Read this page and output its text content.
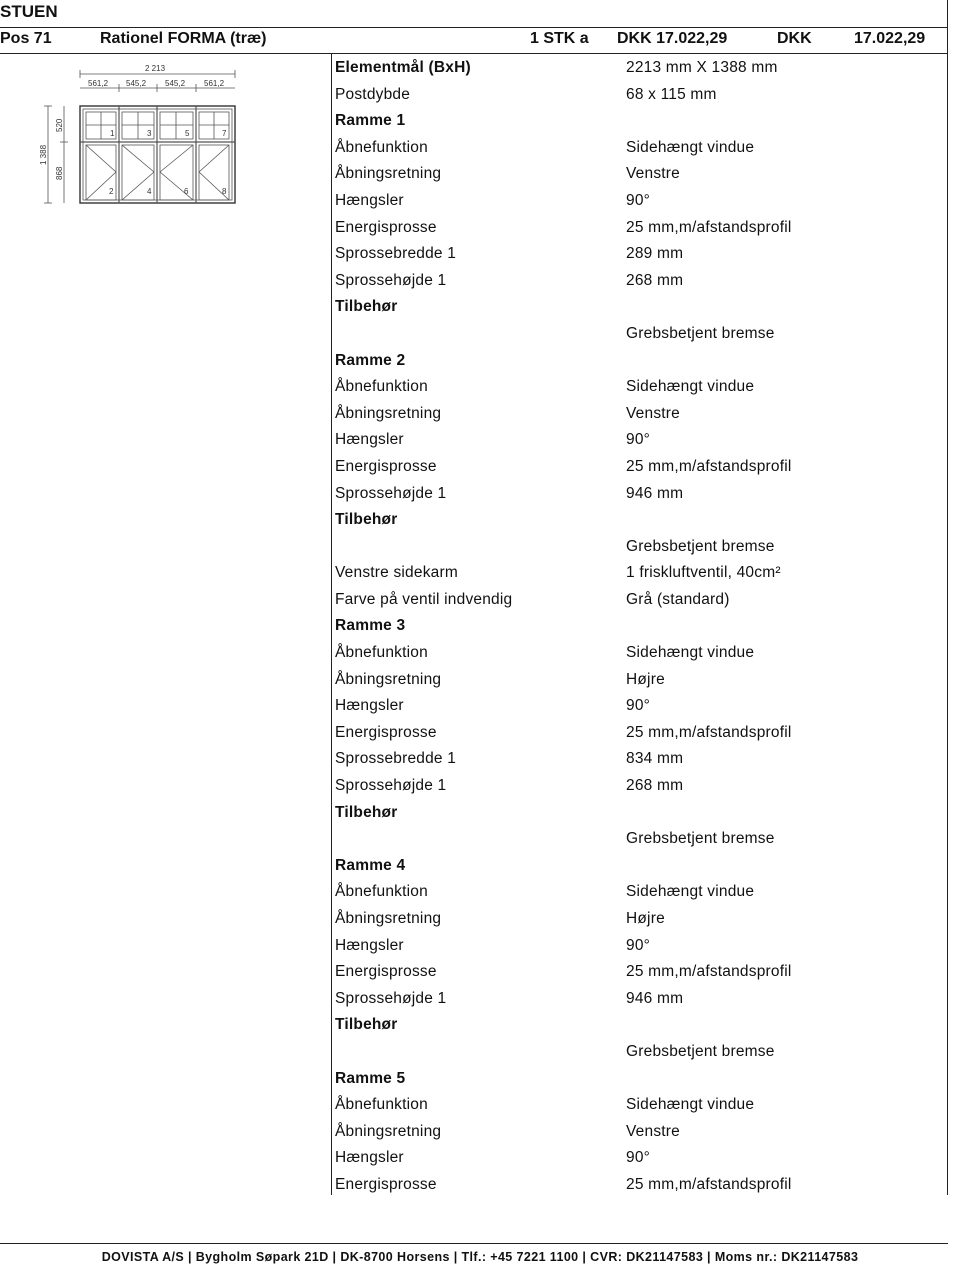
STUEN
Pos 71	Rationel FORMA (træ)	1 STK a DKK 17.022,29	DKK	17.022,29
2 213
561,2 545,2 545,2 561,2
1 388
520
868
1	3	5	7
2	4	6	8
Elementmål (BxH)	2213 mm X 1388 mm
Postdybde	68 x 115 mm
Ramme 1
Åbnefunktion	Sidehængt vindue
Åbningsretning	Venstre
Hængsler	90°
Energisprosse	25 mm,m/afstandsprofil
Sprossebredde 1	289 mm
Sprossehøjde 1	268 mm
Tilbehør
Grebsbetjent bremse
Ramme 2
Åbnefunktion	Sidehængt vindue
Åbningsretning	Venstre
Hængsler	90°
Energisprosse	25 mm,m/afstandsprofil
Sprossehøjde 1	946 mm
Tilbehør
Grebsbetjent bremse
Venstre sidekarm	1 friskluftventil, 40cm²
Farve på ventil indvendig	Grå (standard)
Ramme 3
Åbnefunktion	Sidehængt vindue
Åbningsretning	Højre
Hængsler	90°
Energisprosse	25 mm,m/afstandsprofil
Sprossebredde 1	834 mm
Sprossehøjde 1	268 mm
Tilbehør
Grebsbetjent bremse
Ramme 4
Åbnefunktion	Sidehængt vindue
Åbningsretning	Højre
Hængsler	90°
Energisprosse	25 mm,m/afstandsprofil
Sprossehøjde 1	946 mm
Tilbehør
Grebsbetjent bremse
Ramme 5
Åbnefunktion	Sidehængt vindue
Åbningsretning	Venstre
Hængsler	90°
Energisprosse	25 mm,m/afstandsprofil
DOVISTA A/S | Bygholm Søpark 21D | DK-8700 Horsens | Tlf.: +45 7221 1100 | CVR: DK21147583 | Moms nr.: DK21147583
